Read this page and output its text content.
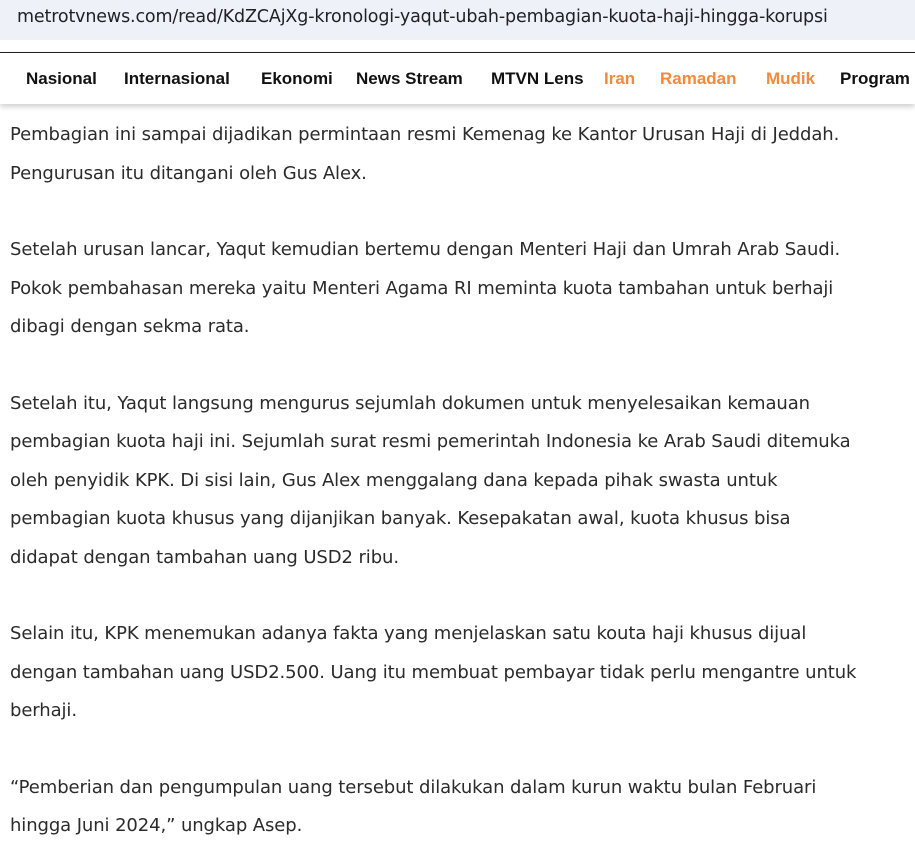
metrotvnews.com/read/KdZCAjXg-kronologi-yaqut-ubah-pembagian-kuota-haji-hingga-korupsi
Nasional Internasional Ekonomi News Stream MTVN Lens Iran Ramadan Mudik Program

Pembagian ini sampai dijadikan permintaan resmi Kemenag ke Kantor Urusan Haji di Jeddah.

Pengurusan itu ditangani oleh Gus Alex.

Setelah urusan lancar, Yaqut kemudian bertemu dengan Menteri Haji dan Umrah Arab Saudi.

Pokok pembahasan mereka yaitu Menteri Agama RI meminta kuota tambahan untuk berhaji

dibagi dengan sekma rata.

Setelah itu, Yaqut langsung mengurus sejumlah dokumen untuk menyelesaikan kemauan

pembagian kuota haji ini. Sejumlah surat resmi pemerintah Indonesia ke Arab Saudi ditemuka

oleh penyidik KPK. Di sisi lain, Gus Alex menggalang dana kepada pihak swasta untuk

pembagian kuota khusus yang dijanjikan banyak. Kesepakatan awal, kuota khusus bisa

didapat dengan tambahan uang USD2 ribu.

Selain itu, KPK menemukan adanya fakta yang menjelaskan satu kouta haji khusus dijual

dengan tambahan uang USD2.500. Uang itu membuat pembayar tidak perlu mengantre untuk

berhaji.

“Pemberian dan pengumpulan uang tersebut dilakukan dalam kurun waktu bulan Februari

hingga Juni 2024,” ungkap Asep.
